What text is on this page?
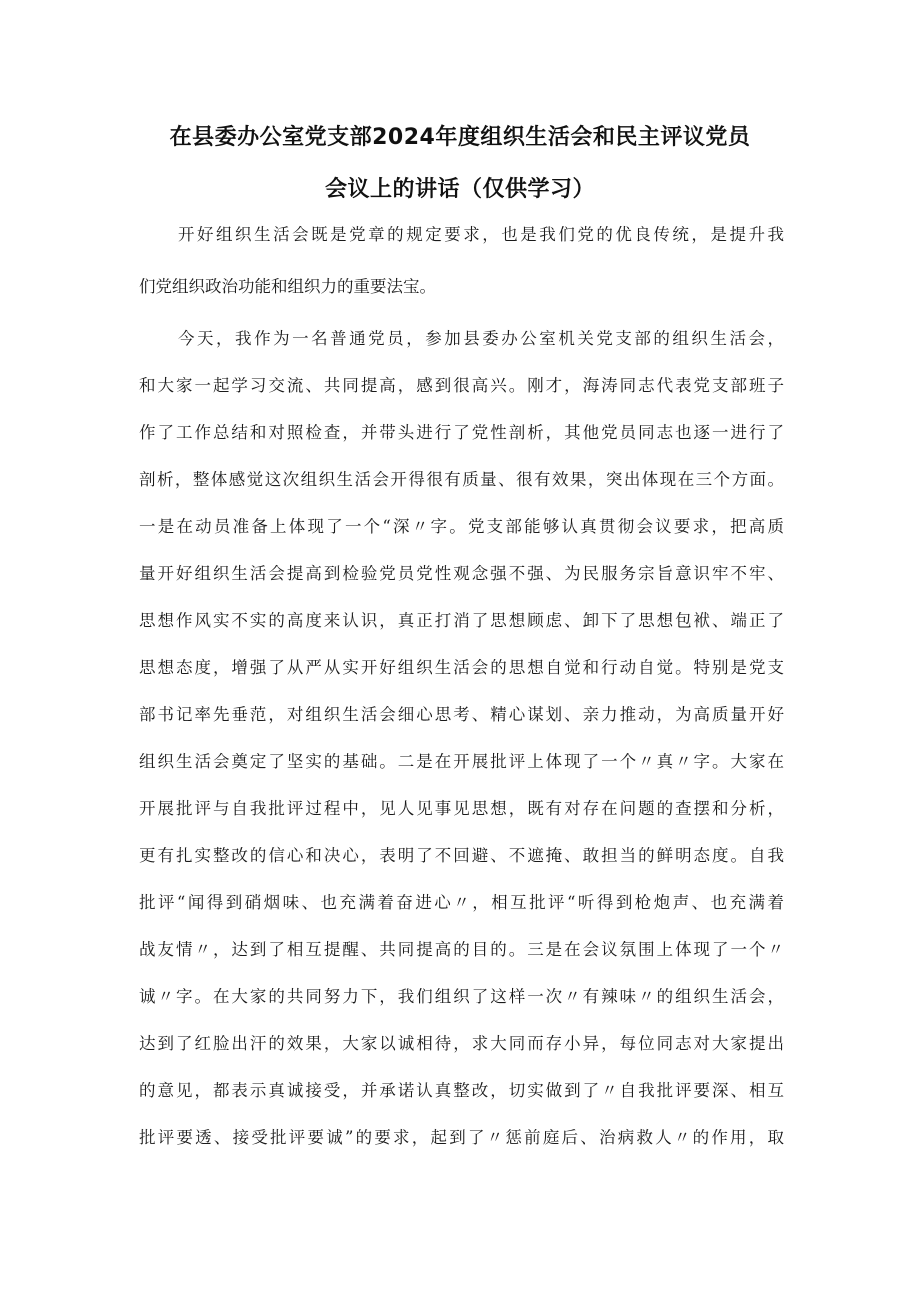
在县委办公室党支部2024年度组织生活会和民主评议党员
会议上的讲话（仅供学习）
开好组织生活会既是党章的规定要求，也是我们党的优良传统，是提升我
们党组织政治功能和组织力的重要法宝。
今天，我作为一名普通党员，参加县委办公室机关党支部的组织生活会，
和大家一起学习交流、共同提高，感到很高兴。刚才，海涛同志代表党支部班子
作了工作总结和对照检查，并带头进行了党性剖析，其他党员同志也逐一进行了
剖析，整体感觉这次组织生活会开得很有质量、很有效果，突出体现在三个方面。
一是在动员准备上体现了一个“深〃字。党支部能够认真贯彻会议要求，把高质
量开好组织生活会提高到检验党员党性观念强不强、为民服务宗旨意识牢不牢、
思想作风实不实的高度来认识，真正打消了思想顾虑、卸下了思想包袱、端正了
思想态度，增强了从严从实开好组织生活会的思想自觉和行动自觉。特别是党支
部书记率先垂范，对组织生活会细心思考、精心谋划、亲力推动，为高质量开好
组织生活会奠定了坚实的基础。二是在开展批评上体现了一个〃真〃字。大家在
开展批评与自我批评过程中，见人见事见思想，既有对存在问题的查摆和分析，
更有扎实整改的信心和决心，表明了不回避、不遮掩、敢担当的鲜明态度。自我
批评“闻得到硝烟味、也充满着奋进心〃，相互批评“听得到枪炮声、也充满着
战友情〃，达到了相互提醒、共同提高的目的。三是在会议氛围上体现了一个〃
诚〃字。在大家的共同努力下，我们组织了这样一次〃有辣味〃的组织生活会，
达到了红脸出汗的效果，大家以诚相待，求大同而存小异，每位同志对大家提出
的意见，都表示真诚接受，并承诺认真整改，切实做到了〃自我批评要深、相互
批评要透、接受批评要诚”的要求，起到了〃惩前庭后、治病救人〃的作用，取
